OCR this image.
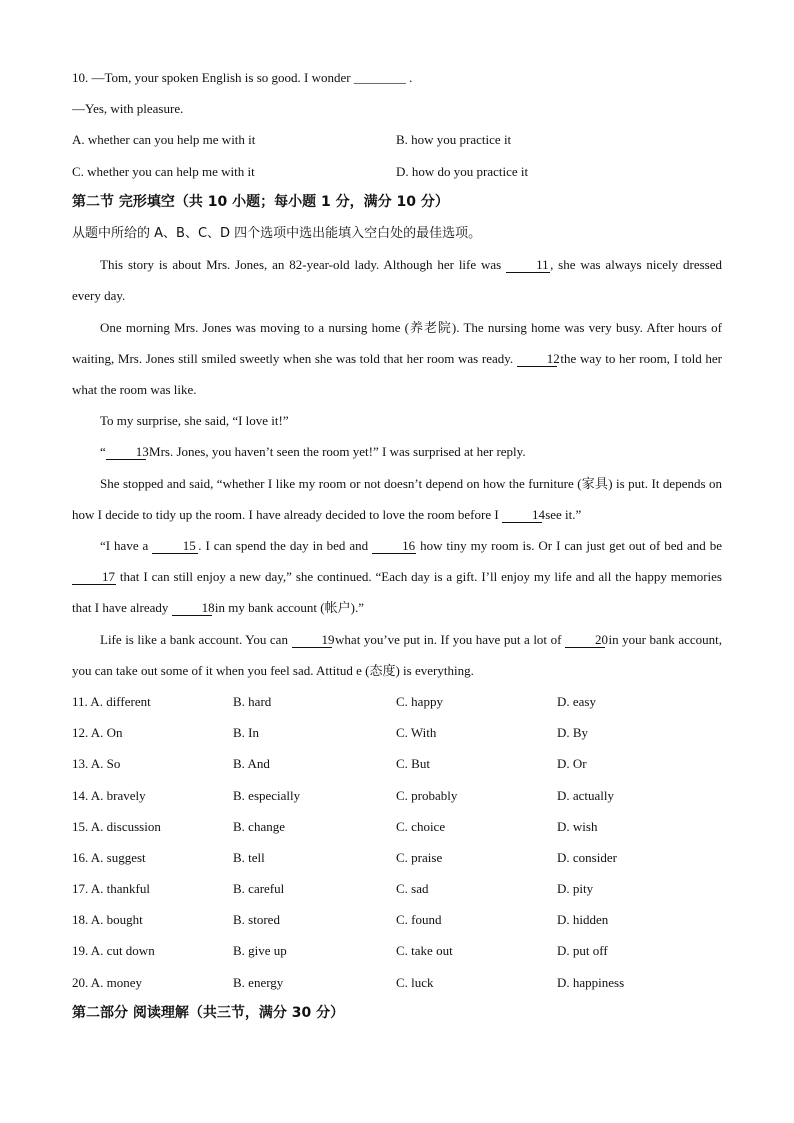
10. —Tom, your spoken English is so good. I wonder ________ .
—Yes, with pleasure.
A. whether can you help me with it	B. how you practice it
C. whether you can help me with it	D. how do you practice it
第二节 完形填空（共 10 小题；每小题 1 分，满分 10 分）
从题中所给的 A、B、C、D 四个选项中选出能填入空白处的最佳选项。
This story is about Mrs. Jones, an 82-year-old lady. Although her life was	11, she was always nicely dressed every day.
One morning Mrs. Jones was moving to a nursing home (养老院). The nursing home was very busy. After hours of waiting, Mrs. Jones still smiled sweetly when she was told that her room was ready.	12 the way to her room, I told her what the room was like.
To my surprise, she said, “I love it!”
“ 13 Mrs. Jones, you haven’t seen the room yet!” I was surprised at her reply.
She stopped and said, “whether I like my room or not doesn’t depend on how the furniture (家具) is put. It depends on how I decide to tidy up the room. I have already decided to love the room before I	14 see it.”
“I have a	15 . I can spend the day in bed and	16 how tiny my room is. Or I can just get out of bed and be 17 that I can still enjoy a new day,” she continued. “Each day is a gift. I’ll enjoy my life and all the happy memories that I have already	18 in my bank account (帐户).”
Life is like a bank account. You can	19 what you’ve put in. If you have put a lot of	20 in your bank account, you can take out some of it when you feel sad. Attitud e (态度) is everything.
11. A. different	B. hard	C. happy	D. easy
12. A. On	B. In	C. With	D. By
13. A. So	B. And	C. But	D. Or
14. A. bravely	B. especially	C. probably	D. actually
15. A. discussion	B. change	C. choice	D. wish
16. A. suggest	B. tell	C. praise	D. consider
17. A. thankful	B. careful	C. sad	D. pity
18. A. bought	B. stored	C. found	D. hidden
19. A. cut down	B. give up	C. take out	D. put off
20. A. money	B. energy	C. luck	D. happiness
第二部分 阅读理解（共三节，满分 30 分）
